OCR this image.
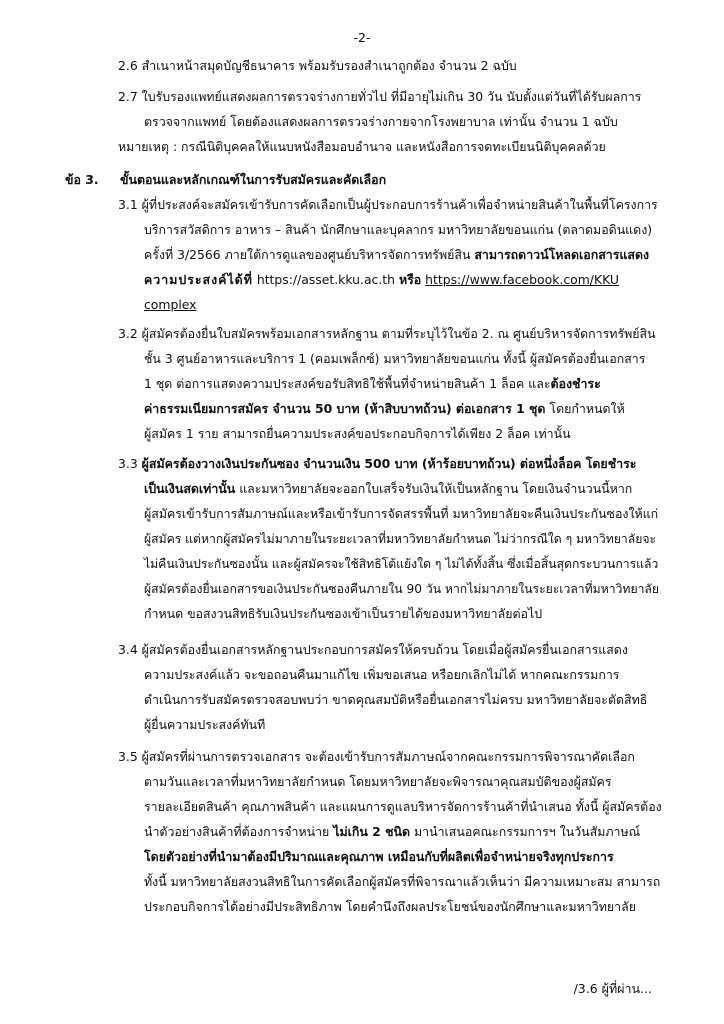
-2-
2.6 สำเนาหน้าสมุดบัญชีธนาคาร พร้อมรับรองสำเนาถูกต้อง จำนวน 2 ฉบับ
2.7 ใบรับรองแพทย์แสดงผลการตรวจร่างกายทั่วไป ที่มีอายุไม่เกิน 30 วัน นับตั้งแต่วันที่ได้รับผลการ
ตรวจจากแพทย์ โดยต้องแสดงผลการตรวจร่างกายจากโรงพยาบาล เท่านั้น จำนวน 1 ฉบับ
หมายเหตุ : กรณีนิติบุคคลให้แนบหนังสือมอบอำนาจ และหนังสือการจดทะเบียนนิติบุคคลด้วย
ข้อ 3. ขั้นตอนและหลักเกณฑ์ในการรับสมัครและคัดเลือก
3.1 ผู้ที่ประสงค์จะสมัครเข้ารับการคัดเลือกเป็นผู้ประกอบการร้านค้าเพื่อจำหน่ายสินค้าในพื้นที่โครงการ
บริการสวัสดิการ อาหาร – สินค้า นักศึกษาและบุคลากร มหาวิทยาลัยขอนแก่น (ตลาดมอดินแดง)
ครั้งที่ 3/2566 ภายใต้การดูแลของศูนย์บริหารจัดการทรัพย์สิน สามารถดาวน์โหลดเอกสารแสดง
ความประสงค์ได้ที่ https://asset.kku.ac.th หรือ https://www.facebook.com/KKU
complex
3.2 ผู้สมัครต้องยื่นใบสมัครพร้อมเอกสารหลักฐาน ตามที่ระบุไว้ในข้อ 2. ณ ศูนย์บริหารจัดการทรัพย์สิน
ชั้น 3 ศูนย์อาหารและบริการ 1 (คอมเพล็กซ์) มหาวิทยาลัยขอนแก่น ทั้งนี้ ผู้สมัครต้องยื่นเอกสาร
1 ชุด ต่อการแสดงความประสงค์ขอรับสิทธิใช้พื้นที่จำหน่ายสินค้า 1 ล็อค และต้องชำระ
ค่าธรรมเนียมการสมัคร จำนวน 50 บาท (ห้าสิบบาทถ้วน) ต่อเอกสาร 1 ชุด โดยกำหนดให้
ผู้สมัคร 1 ราย สามารถยื่นความประสงค์ขอประกอบกิจการได้เพียง 2 ล็อค เท่านั้น
3.3 ผู้สมัครต้องวางเงินประกันซอง จำนวนเงิน 500 บาท (ห้าร้อยบาทถ้วน) ต่อหนึ่งล็อค โดยชำระ
เป็นเงินสดเท่านั้น และมหาวิทยาลัยจะออกใบเสร็จรับเงินให้เป็นหลักฐาน โดยเงินจำนวนนี้หาก
ผู้สมัครเข้ารับการสัมภาษณ์และหรือเข้ารับการจัดสรรพื้นที่ มหาวิทยาลัยจะคืนเงินประกันซองให้แก่
ผู้สมัคร แต่หากผู้สมัครไม่มาภายในระยะเวลาที่มหาวิทยาลัยกำหนด ไม่ว่ากรณีใด ๆ มหาวิทยาลัยจะ
ไม่คืนเงินประกันซองนั้น และผู้สมัครจะใช้สิทธิโต้แย้งใด ๆ ไม่ได้ทั้งสิ้น ซึ่งเมื่อสิ้นสุดกระบวนการแล้ว
ผู้สมัครต้องยื่นเอกสารขอเงินประกันซองคืนภายใน 90 วัน หากไม่มาภายในระยะเวลาที่มหาวิทยาลัย
กำหนด ขอสงวนสิทธิรับเงินประกันซองเข้าเป็นรายได้ของมหาวิทยาลัยต่อไป
3.4 ผู้สมัครต้องยื่นเอกสารหลักฐานประกอบการสมัครให้ครบถ้วน โดยเมื่อผู้สมัครยื่นเอกสารแสดง
ความประสงค์แล้ว จะขอถอนคืนมาแก้ไข เพิ่มขอเสนอ หรือยกเลิกไม่ได้ หากคณะกรรมการ
ดำเนินการรับสมัครตรวจสอบพบว่า ขาดคุณสมบัติหรือยื่นเอกสารไม่ครบ มหาวิทยาลัยจะตัดสิทธิ
ผู้ยื่นความประสงค์ทันที
3.5 ผู้สมัครที่ผ่านการตรวจเอกสาร จะต้องเข้ารับการสัมภาษณ์จากคณะกรรมการพิจารณาคัดเลือก
ตามวันและเวลาที่มหาวิทยาลัยกำหนด โดยมหาวิทยาลัยจะพิจารณาคุณสมบัติของผู้สมัคร
รายละเอียดสินค้า คุณภาพสินค้า และแผนการดูแลบริหารจัดการร้านค้าที่นำเสนอ ทั้งนี้ ผู้สมัครต้อง
นำตัวอย่างสินค้าที่ต้องการจำหน่าย ไม่เกิน 2 ชนิด มานำเสนอคณะกรรมการฯ ในวันสัมภาษณ์
โดยตัวอย่างที่นำมาต้องมีปริมาณและคุณภาพ เหมือนกับที่ผลิตเพื่อจำหน่ายจริงทุกประการ
ทั้งนี้ มหาวิทยาลัยสงวนสิทธิในการคัดเลือกผู้สมัครที่พิจารณาแล้วเห็นว่า มีความเหมาะสม สามารถ
ประกอบกิจการได้อย่างมีประสิทธิภาพ โดยคำนึงถึงผลประโยชน์ของนักศึกษาและมหาวิทยาลัย
/3.6 ผู้ที่ผ่าน...
